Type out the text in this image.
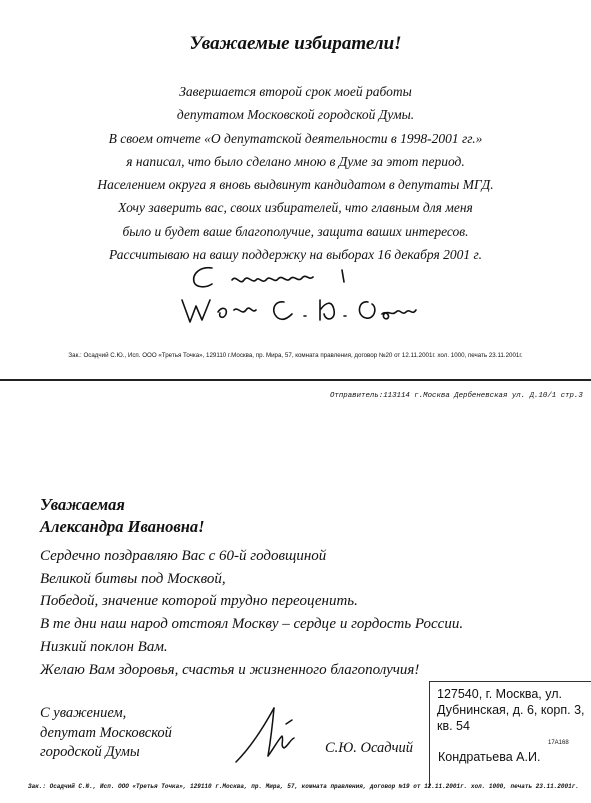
Уважаемые избиратели!
Завершается второй срок моей работы
депутатом Московской городской Думы.
В своем отчете «О депутатской деятельности в 1998-2001 гг.»
я написал, что было сделано мною в Думе за этот период.
Населением округа я вновь выдвинут кандидатом в депутаты МГД.
Хочу заверить вас, своих избирателей, что главным для меня
было и будет ваше благополучие, защита ваших интересов.
Рассчитываю на вашу поддержку на выборах 16 декабря 2001 г.
Зак.: Осадчий С.Ю., Исп. ООО «Третья Точка», 129110 г.Москва, пр. Мира, 57, комната правления, договор №20 от 12.11.2001г. хол. 1000, печать 23.11.2001г.
Отправитель:113114 г.Москва Дербеневская ул. Д.10/1 стр.3
Уважаемая
Александра Ивановна!
Сердечно поздравляю Вас с 60-й годовщиной
Великой битвы под Москвой,
Победой, значение которой трудно переоценить.
В те дни наш народ отстоял Москву – сердце и гордость России.
Низкий поклон Вам.
Желаю Вам здоровья, счастья и жизненного благополучия!
С уважением,
депутат Московской
городской Думы	С.Ю. Осадчий
127540, г. Москва, ул.
Дубнинская, д. 6, корп. 3,
кв. 54
17А168
Кондратьева А.И.
Зак.: Осадчий С.Ю., Исп. ООО «Третья Точка», 129110 г.Москва, пр. Мира, 57, комната правления, договор №19 от 12.11.2001г. хол. 1000, печать 23.11.2001г.
